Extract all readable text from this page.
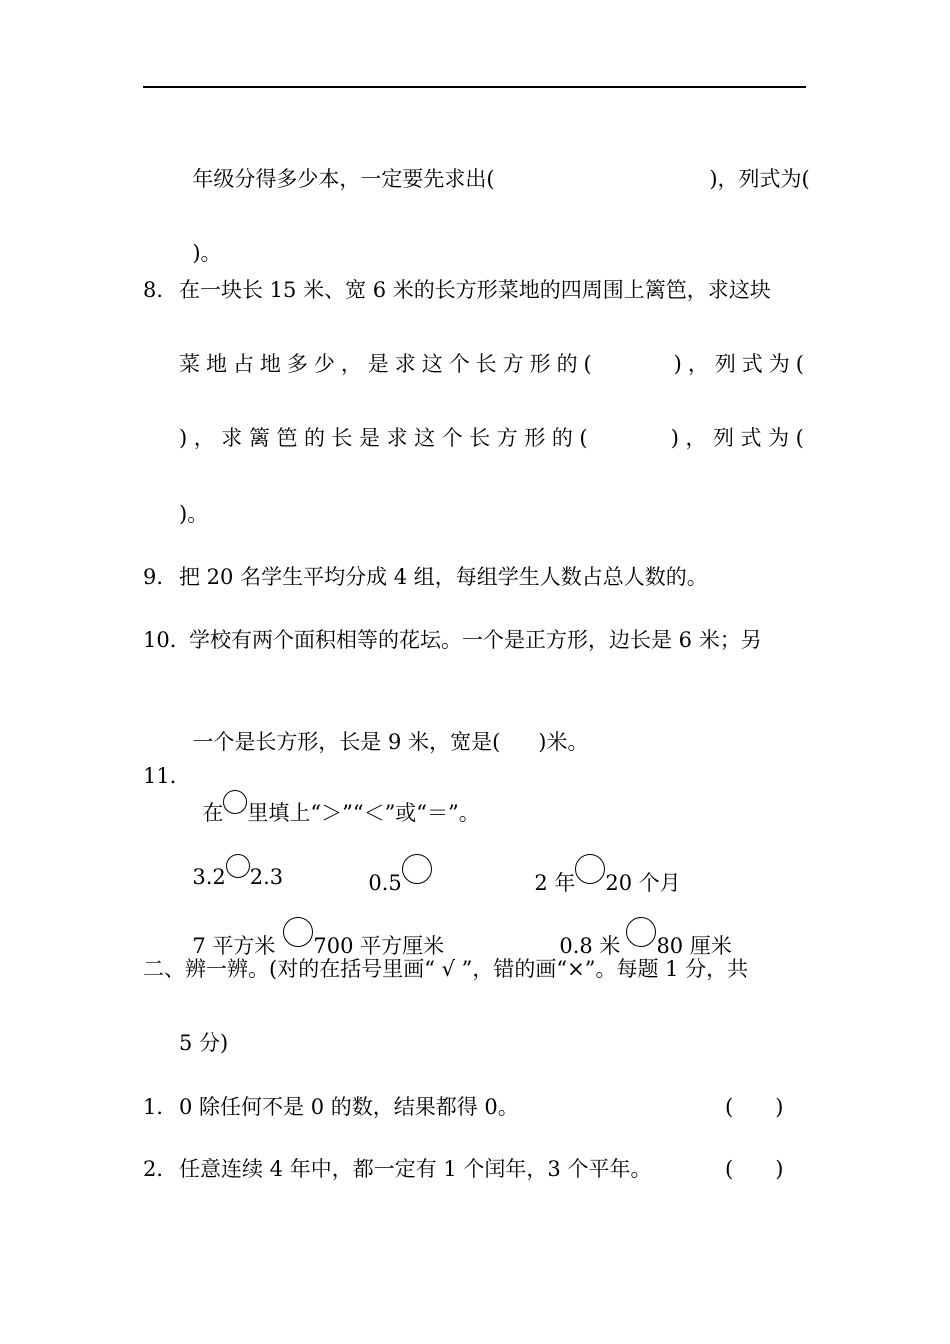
年级分得多少本，一定要先求出(	)，列式为(

)。

8． 在一块长 15 米、宽 6 米的长方形菜地的四周围上篱笆，求这块
菜 地 占 地 多 少 ， 是 求 这 个 长 方 形 的 (	) ， 列 式 为 (
) ， 求 篱 笆 的 长 是 求 这 个 长 方 形 的 (	) ， 列 式 为 (
)。
9． 把 20 名学生平均分成 4 组，每组学生人数占总人数的。
10．
学校有两个面积相等的花坛。一个是正方形，边长是 6 米；另

一个是长方形，长是 9 米，宽是( )米。

11．

在 里填上“＞”“＜”或“＝”。

3.2 2.3	0.5	2 年 20 个月

7 平方米 700 平方厘米	0.8 米 80 厘米

二、辨一辨。(对的在括号里画“ √ ”，错的画“×”。每题 1 分，共
5 分)
1． 0 除任何不是 0 的数，结果都得 0。	(　　)
2． 任意连续 4 年中，都一定有 1 个闰年，3 个平年。	(　　)
